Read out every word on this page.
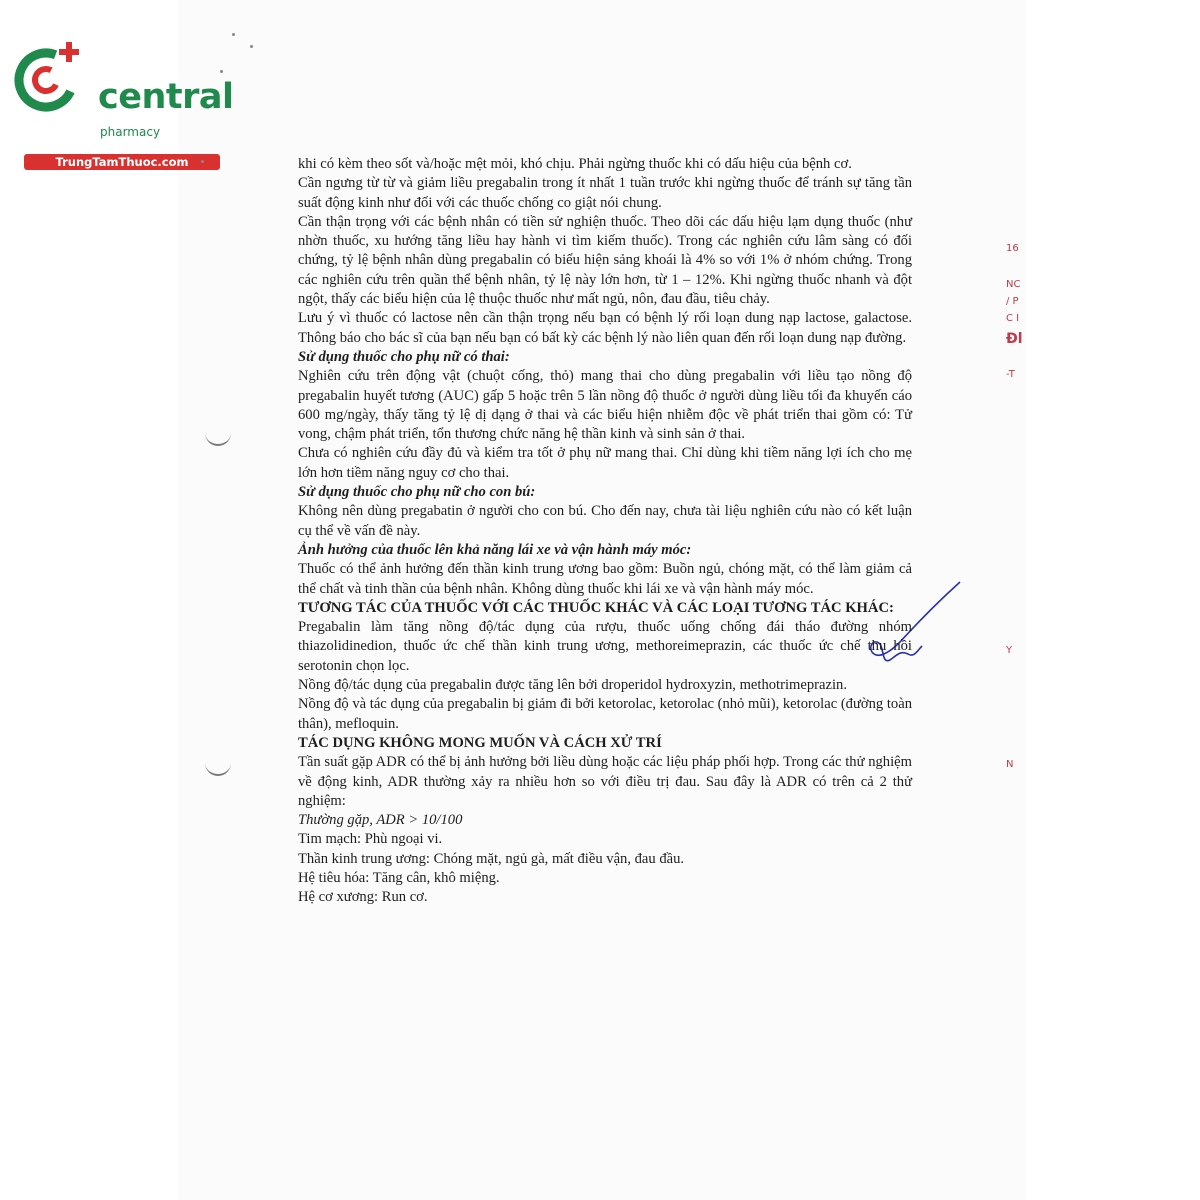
central
pharmacy
TrungTamThuoc.com
16
NC
/ P
C I
Đl
-T
Y
N

khi có kèm theo sốt và/hoặc mệt mỏi, khó chịu. Phải ngừng thuốc khi có dấu hiệu của bệnh cơ.

Cần ngưng từ từ và giảm liều pregabalin trong ít nhất 1 tuần trước khi ngừng thuốc để tránh sự tăng tần suất động kinh như đối với các thuốc chống co giật nói chung.

Cần thận trọng với các bệnh nhân có tiền sử nghiện thuốc. Theo dõi các dấu hiệu lạm dụng thuốc (như nhờn thuốc, xu hướng tăng liều hay hành vi tìm kiếm thuốc). Trong các nghiên cứu lâm sàng có đối chứng, tỷ lệ bệnh nhân dùng pregabalin có biểu hiện sảng khoái là 4% so với 1% ở nhóm chứng. Trong các nghiên cứu trên quần thể bệnh nhân, tỷ lệ này lớn hơn, từ 1 – 12%. Khi ngừng thuốc nhanh và đột ngột, thấy các biểu hiện của lệ thuộc thuốc như mất ngủ, nôn, đau đầu, tiêu chảy.

Lưu ý vì thuốc có lactose nên cần thận trọng nếu bạn có bệnh lý rối loạn dung nạp lactose, galactose. Thông báo cho bác sĩ của bạn nếu bạn có bất kỳ các bệnh lý nào liên quan đến rối loạn dung nạp đường.

Sử dụng thuốc cho phụ nữ có thai:

Nghiên cứu trên động vật (chuột cống, thỏ) mang thai cho dùng pregabalin với liều tạo nồng độ pregabalin huyết tương (AUC) gấp 5 hoặc trên 5 lần nồng độ thuốc ở người dùng liều tối đa khuyến cáo 600 mg/ngày, thấy tăng tỷ lệ dị dạng ở thai và các biểu hiện nhiễm độc về phát triển thai gồm có: Tử vong, chậm phát triển, tổn thương chức năng hệ thần kinh và sinh sản ở thai.

Chưa có nghiên cứu đầy đủ và kiểm tra tốt ở phụ nữ mang thai. Chỉ dùng khi tiềm năng lợi ích cho mẹ lớn hơn tiềm năng nguy cơ cho thai.

Sử dụng thuốc cho phụ nữ cho con bú:

Không nên dùng pregabatin ở người cho con bú. Cho đến nay, chưa tài liệu nghiên cứu nào có kết luận cụ thể về vấn đề này.

Ảnh hưởng của thuốc lên khả năng lái xe và vận hành máy móc:

Thuốc có thể ảnh hưởng đến thần kinh trung ương bao gồm: Buồn ngủ, chóng mặt, có thể làm giảm cả thể chất và tinh thần của bệnh nhân. Không dùng thuốc khi lái xe và vận hành máy móc.

TƯƠNG TÁC CỦA THUỐC VỚI CÁC THUỐC KHÁC VÀ CÁC LOẠI TƯƠNG TÁC KHÁC:

Pregabalin làm tăng nồng độ/tác dụng của rượu, thuốc uống chống đái tháo đường nhóm thiazolidinedion, thuốc ức chế thần kinh trung ương, methoreimeprazin, các thuốc ức chế thu hồi serotonin chọn lọc.

Nồng độ/tác dụng của pregabalin được tăng lên bởi droperidol hydroxyzin, methotrimeprazin.

Nồng độ và tác dụng của pregabalin bị giảm đi bởi ketorolac, ketorolac (nhỏ mũi), ketorolac (đường toàn thân), mefloquin.

TÁC DỤNG KHÔNG MONG MUỐN VÀ CÁCH XỬ TRÍ

Tần suất gặp ADR có thể bị ảnh hưởng bởi liều dùng hoặc các liệu pháp phối hợp. Trong các thử nghiệm về động kinh, ADR thường xảy ra nhiều hơn so với điều trị đau. Sau đây là ADR có trên cả 2 thử nghiệm:

Thường gặp, ADR > 10/100

Tim mạch: Phù ngoại vi.

Thần kinh trung ương: Chóng mặt, ngủ gà, mất điều vận, đau đầu.

Hệ tiêu hóa: Tăng cân, khô miệng.

Hệ cơ xương: Run cơ.
